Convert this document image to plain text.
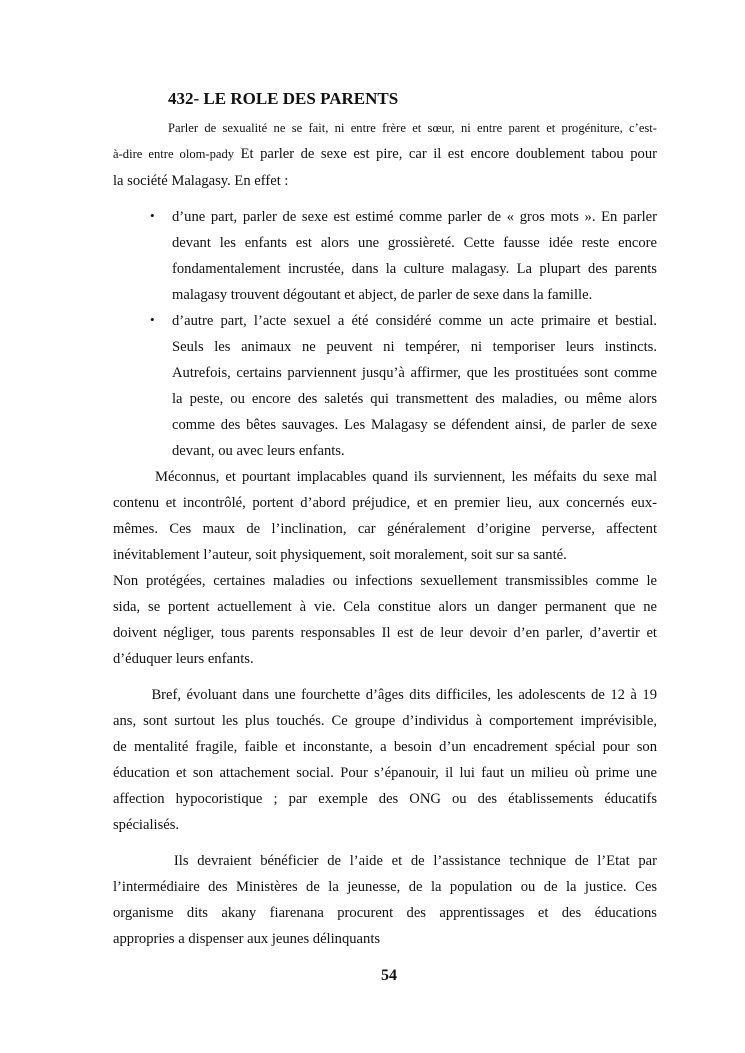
432- LE ROLE DES PARENTS
Parler de sexualité ne se fait, ni entre frère et sœur, ni entre parent et progéniture, c’est-
à-dire entre olom-pady Et parler de sexe est pire, car il est encore doublement tabou pour
la société Malagasy. En effet :
• d’une part, parler de sexe est estimé comme parler de « gros mots ». En parler
devant les enfants est alors une grossièreté. Cette fausse idée reste encore
fondamentalement incrustée, dans la culture malagasy. La plupart des parents
malagasy trouvent dégoutant et abject, de parler de sexe dans la famille.
• d’autre part, l’acte sexuel a été considéré comme un acte primaire et bestial.
Seuls les animaux ne peuvent ni tempérer, ni temporiser leurs instincts.
Autrefois, certains parviennent jusqu’à affirmer, que les prostituées sont comme
la peste, ou encore des saletés qui transmettent des maladies, ou même alors
comme des bêtes sauvages. Les Malagasy se défendent ainsi, de parler de sexe
devant, ou avec leurs enfants.
Méconnus, et pourtant implacables quand ils surviennent, les méfaits du sexe mal
contenu et incontrôlé, portent d’abord préjudice, et en premier lieu, aux concernés eux-
mêmes. Ces maux de l’inclination, car généralement d’origine perverse, affectent
inévitablement l’auteur, soit physiquement, soit moralement, soit sur sa santé.
Non protégées, certaines maladies ou infections sexuellement transmissibles comme le
sida, se portent actuellement à vie. Cela constitue alors un danger permanent que ne
doivent négliger, tous parents responsables Il est de leur devoir d’en parler, d’avertir et
d’éduquer leurs enfants.
Bref, évoluant dans une fourchette d’âges dits difficiles, les adolescents de 12 à 19
ans, sont surtout les plus touchés. Ce groupe d’individus à comportement imprévisible,
de mentalité fragile, faible et inconstante, a besoin d’un encadrement spécial pour son
éducation et son attachement social. Pour s’épanouir, il lui faut un milieu où prime une
affection hypocoristique ; par exemple des ONG ou des établissements éducatifs
spécialisés.
Ils devraient bénéficier de l’aide et de l’assistance technique de l’Etat par
l’intermédiaire des Ministères de la jeunesse, de la population ou de la justice. Ces
organisme dits akany fiarenana procurent des apprentissages et des éducations
appropries a dispenser aux jeunes délinquants
54
